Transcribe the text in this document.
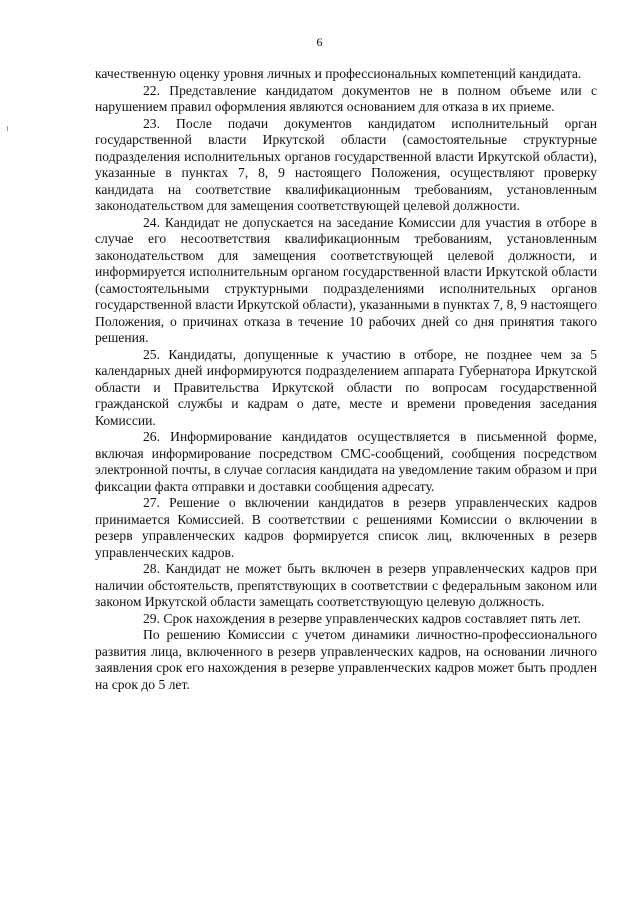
6

качественную оценку уровня личных и профессиональных компетенций кандидата.

22. Представление кандидатом документов не в полном объеме или с нарушением правил оформления являются основанием для отказа в их приеме.

23. После подачи документов кандидатом исполнительный орган государственной власти Иркутской области (самостоятельные структурные подразделения исполнительных органов государственной власти Иркутской области), указанные в пунктах 7, 8, 9 настоящего Положения, осуществляют проверку кандидата на соответствие квалификационным требованиям, установленным законодательством для замещения соответствующей целевой должности.

24. Кандидат не допускается на заседание Комиссии для участия в отборе в случае его несоответствия квалификационным требованиям, установленным законодательством для замещения соответствующей целевой должности, и информируется исполнительным органом государственной власти Иркутской области (самостоятельными структурными подразделениями исполнительных органов государственной власти Иркутской области), указанными в пунктах 7, 8, 9 настоящего Положения, о причинах отказа в течение 10 рабочих дней со дня принятия такого решения.

25. Кандидаты, допущенные к участию в отборе, не позднее чем за 5 календарных дней информируются подразделением аппарата Губернатора Иркутской области и Правительства Иркутской области по вопросам государственной гражданской службы и кадрам о дате, месте и времени проведения заседания Комиссии.

26. Информирование кандидатов осуществляется в письменной форме, включая информирование посредством СМС-сообщений, сообщения посредством электронной почты, в случае согласия кандидата на уведомление таким образом и при фиксации факта отправки и доставки сообщения адресату.

27. Решение о включении кандидатов в резерв управленческих кадров принимается Комиссией. В соответствии с решениями Комиссии о включении в резерв управленческих кадров формируется список лиц, включенных в резерв управленческих кадров.

28. Кандидат не может быть включен в резерв управленческих кадров при наличии обстоятельств, препятствующих в соответствии с федеральным законом или законом Иркутской области замещать соответствующую целевую должность.

29. Срок нахождения в резерве управленческих кадров составляет пять лет.

По решению Комиссии с учетом динамики личностно-профессионального развития лица, включенного в резерв управленческих кадров, на основании личного заявления срок его нахождения в резерве управленческих кадров может быть продлен на срок до 5 лет.
